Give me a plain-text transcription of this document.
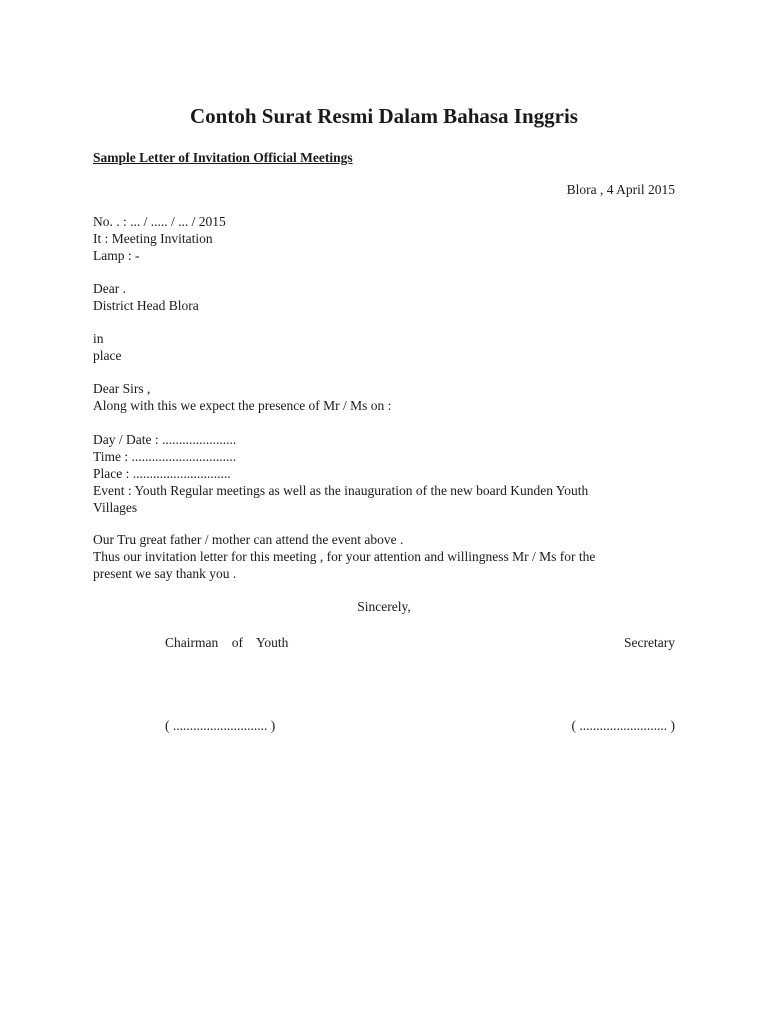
Contoh Surat Resmi Dalam Bahasa Inggris
Sample Letter of Invitation Official Meetings
Blora , 4 April 2015
No. . : ... / ..... / ... / 2015
It : Meeting Invitation
Lamp : -
Dear .
District Head Blora
in
place
Dear Sirs ,
Along with this we expect the presence of Mr / Ms on :
Day / Date : ......................
Time : ...............................
Place : .............................
Event : Youth Regular meetings as well as the inauguration of the new board Kunden Youth
Villages
Our Tru great father / mother can attend the event above .
Thus our invitation letter for this meeting , for your attention and willingness Mr / Ms for the
present we say thank you .
Sincerely,
Chairman    of    Youth	Secretary
( ............................ )	( .......................... )
